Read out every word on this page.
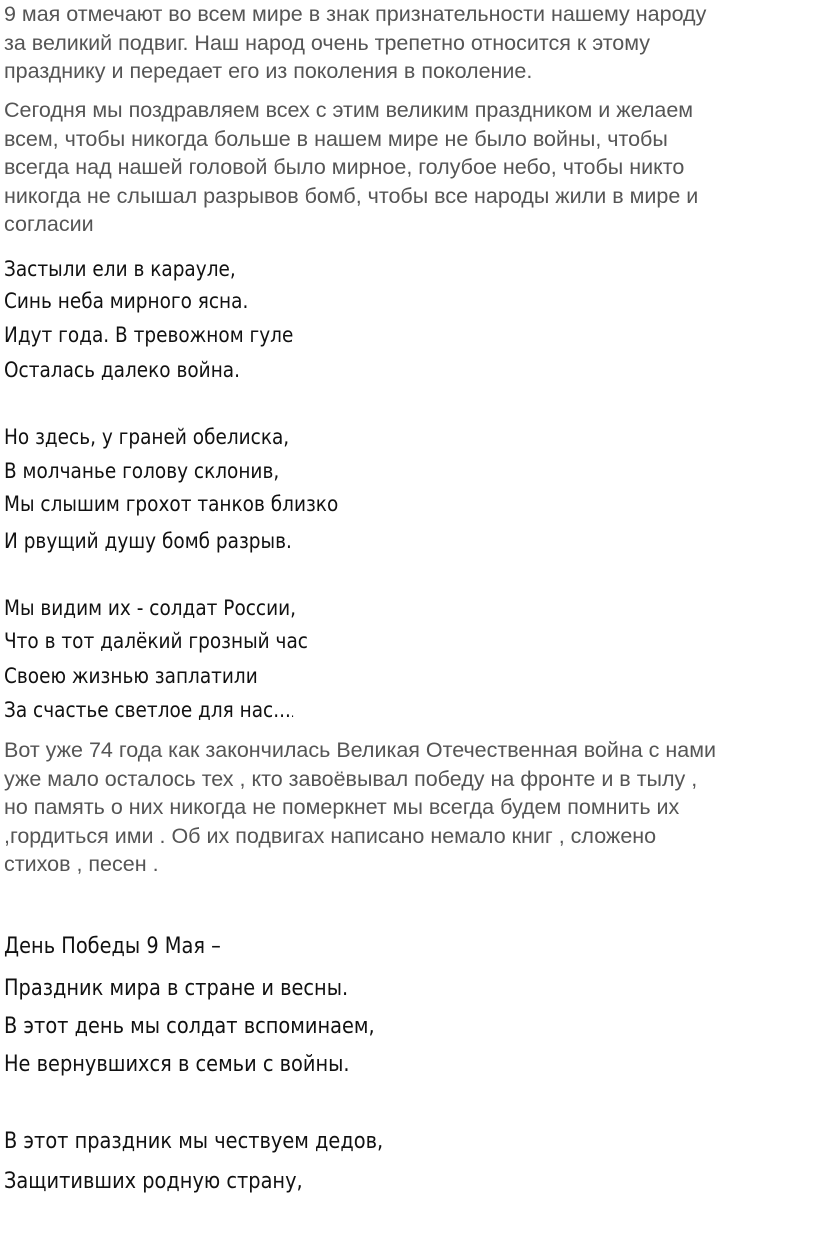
9 мая отмечают во всем мире в знак признательности нашему народу
за великий подвиг. Наш народ очень трепетно относится к этому
празднику и передает его из поколения в поколение.

Сегодня мы поздравляем всех с этим великим праздником и желаем
всем, чтобы никогда больше в нашем мире не было войны, чтобы
всегда над нашей головой было мирное, голубое небо, чтобы никто
никогда не слышал разрывов бомб, чтобы все народы жили в мире и
согласии

Застыли ели в карауле,

Синь неба мирного ясна.

Идут года. В тревожном гуле

Осталась далеко война.

Но здесь, у граней обелиска,

В молчанье голову склонив,

Мы слышим грохот танков близко

И рвущий душу бомб разрыв.

Мы видим их - солдат России,

Что в тот далёкий грозный час

Своею жизнью заплатили

За счастье светлое для нас....

Вот уже 74 года как закончилась Великая Отечественная война с нами
уже мало осталось тех , кто завоёвывал победу на фронте и в тылу ,
но память о них никогда не померкнет мы всегда будем помнить их
,гордиться ими . Об их подвигах написано немало книг , сложено
стихов , песен .

День Победы 9 Мая –

Праздник мира в стране и весны.

В этот день мы солдат вспоминаем,

Не вернувшихся в семьи с войны.

В этот праздник мы чествуем дедов,

Защитивших родную страну,
